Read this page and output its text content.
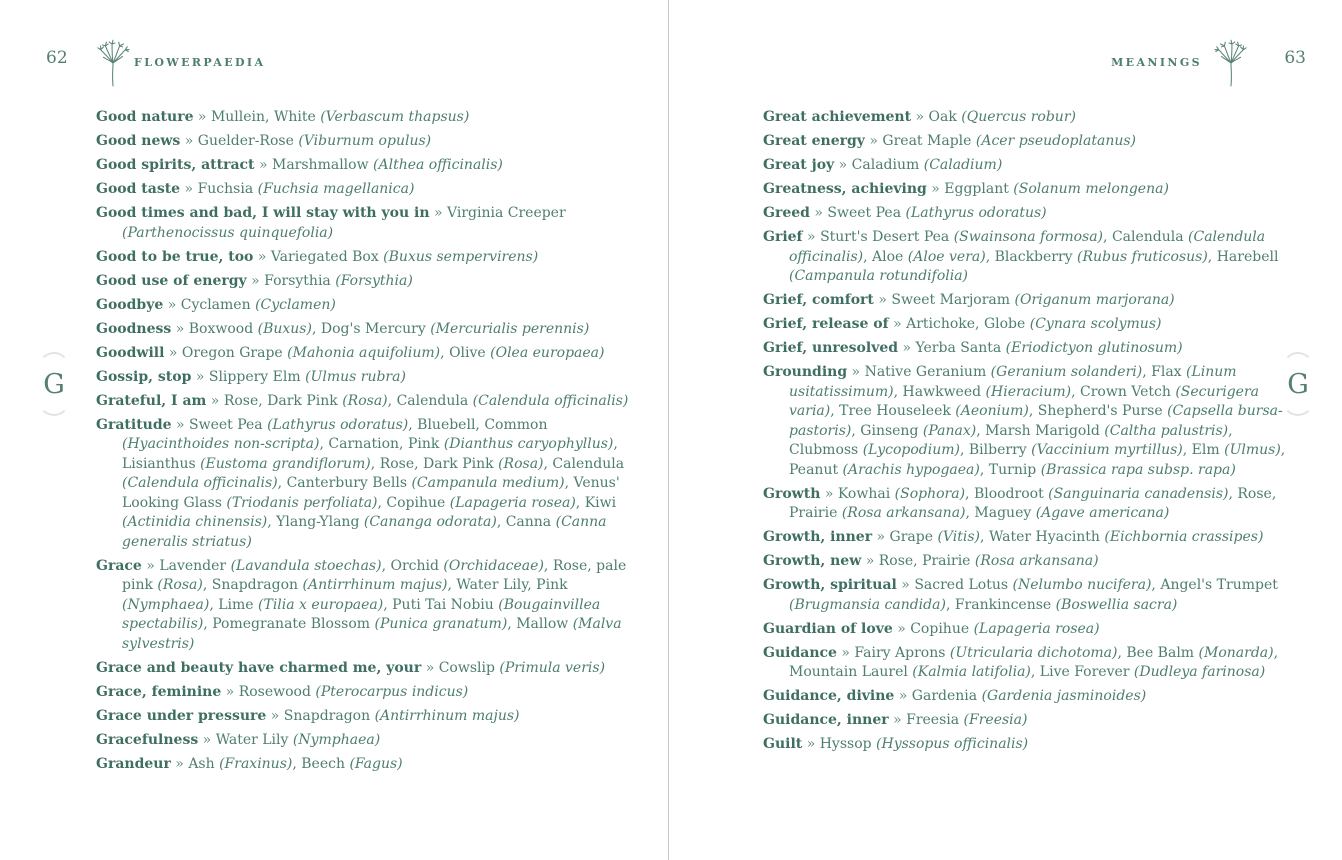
62	FLOWERPAEDIA
G
Good nature » Mullein, White (Verbascum thapsus)
Good news » Guelder-Rose (Viburnum opulus)
Good spirits, attract » Marshmallow (Althea officinalis)
Good taste » Fuchsia (Fuchsia magellanica)
Good times and bad, I will stay with you in » Virginia Creeper (Parthenocissus quinquefolia)
Good to be true, too » Variegated Box (Buxus sempervirens)
Good use of energy » Forsythia (Forsythia)
Goodbye » Cyclamen (Cyclamen)
Goodness » Boxwood (Buxus), Dog's Mercury (Mercurialis perennis)
Goodwill » Oregon Grape (Mahonia aquifolium), Olive (Olea europaea)
Gossip, stop » Slippery Elm (Ulmus rubra)
Grateful, I am » Rose, Dark Pink (Rosa), Calendula (Calendula officinalis)
Gratitude » Sweet Pea (Lathyrus odoratus), Bluebell, Common (Hyacinthoides non-scripta), Carnation, Pink (Dianthus caryophyllus), Lisianthus (Eustoma grandiflorum), Rose, Dark Pink (Rosa), Calendula (Calendula officinalis), Canterbury Bells (Campanula medium), Venus' Looking Glass (Triodanis perfoliata), Copihue (Lapageria rosea), Kiwi (Actinidia chinensis), Ylang-Ylang (Cananga odorata), Canna (Canna generalis striatus)
Grace » Lavender (Lavandula stoechas), Orchid (Orchidaceae), Rose, pale pink (Rosa), Snapdragon (Antirrhinum majus), Water Lily, Pink (Nymphaea), Lime (Tilia x europaea), Puti Tai Nobiu (Bougainvillea spectabilis), Pomegranate Blossom (Punica granatum), Mallow (Malva sylvestris)
Grace and beauty have charmed me, your » Cowslip (Primula veris)
Grace, feminine » Rosewood (Pterocarpus indicus)
Grace under pressure » Snapdragon (Antirrhinum majus)
Gracefulness » Water Lily (Nymphaea)
Grandeur » Ash (Fraxinus), Beech (Fagus)
MEANINGS	63
G
Great achievement » Oak (Quercus robur)
Great energy » Great Maple (Acer pseudoplatanus)
Great joy » Caladium (Caladium)
Greatness, achieving » Eggplant (Solanum melongena)
Greed » Sweet Pea (Lathyrus odoratus)
Grief » Sturt's Desert Pea (Swainsona formosa), Calendula (Calendula officinalis), Aloe (Aloe vera), Blackberry (Rubus fruticosus), Harebell (Campanula rotundifolia)
Grief, comfort » Sweet Marjoram (Origanum marjorana)
Grief, release of » Artichoke, Globe (Cynara scolymus)
Grief, unresolved » Yerba Santa (Eriodictyon glutinosum)
Grounding » Native Geranium (Geranium solanderi), Flax (Linum usitatissimum), Hawkweed (Hieracium), Crown Vetch (Securigera varia), Tree Houseleek (Aeonium), Shepherd's Purse (Capsella bursa-pastoris), Ginseng (Panax), Marsh Marigold (Caltha palustris), Clubmoss (Lycopodium), Bilberry (Vaccinium myrtillus), Elm (Ulmus), Peanut (Arachis hypogaea), Turnip (Brassica rapa subsp. rapa)
Growth » Kowhai (Sophora), Bloodroot (Sanguinaria canadensis), Rose, Prairie (Rosa arkansana), Maguey (Agave americana)
Growth, inner » Grape (Vitis), Water Hyacinth (Eichbornia crassipes)
Growth, new » Rose, Prairie (Rosa arkansana)
Growth, spiritual » Sacred Lotus (Nelumbo nucifera), Angel's Trumpet (Brugmansia candida), Frankincense (Boswellia sacra)
Guardian of love » Copihue (Lapageria rosea)
Guidance » Fairy Aprons (Utricularia dichotoma), Bee Balm (Monarda), Mountain Laurel (Kalmia latifolia), Live Forever (Dudleya farinosa)
Guidance, divine » Gardenia (Gardenia jasminoides)
Guidance, inner » Freesia (Freesia)
Guilt » Hyssop (Hyssopus officinalis)
